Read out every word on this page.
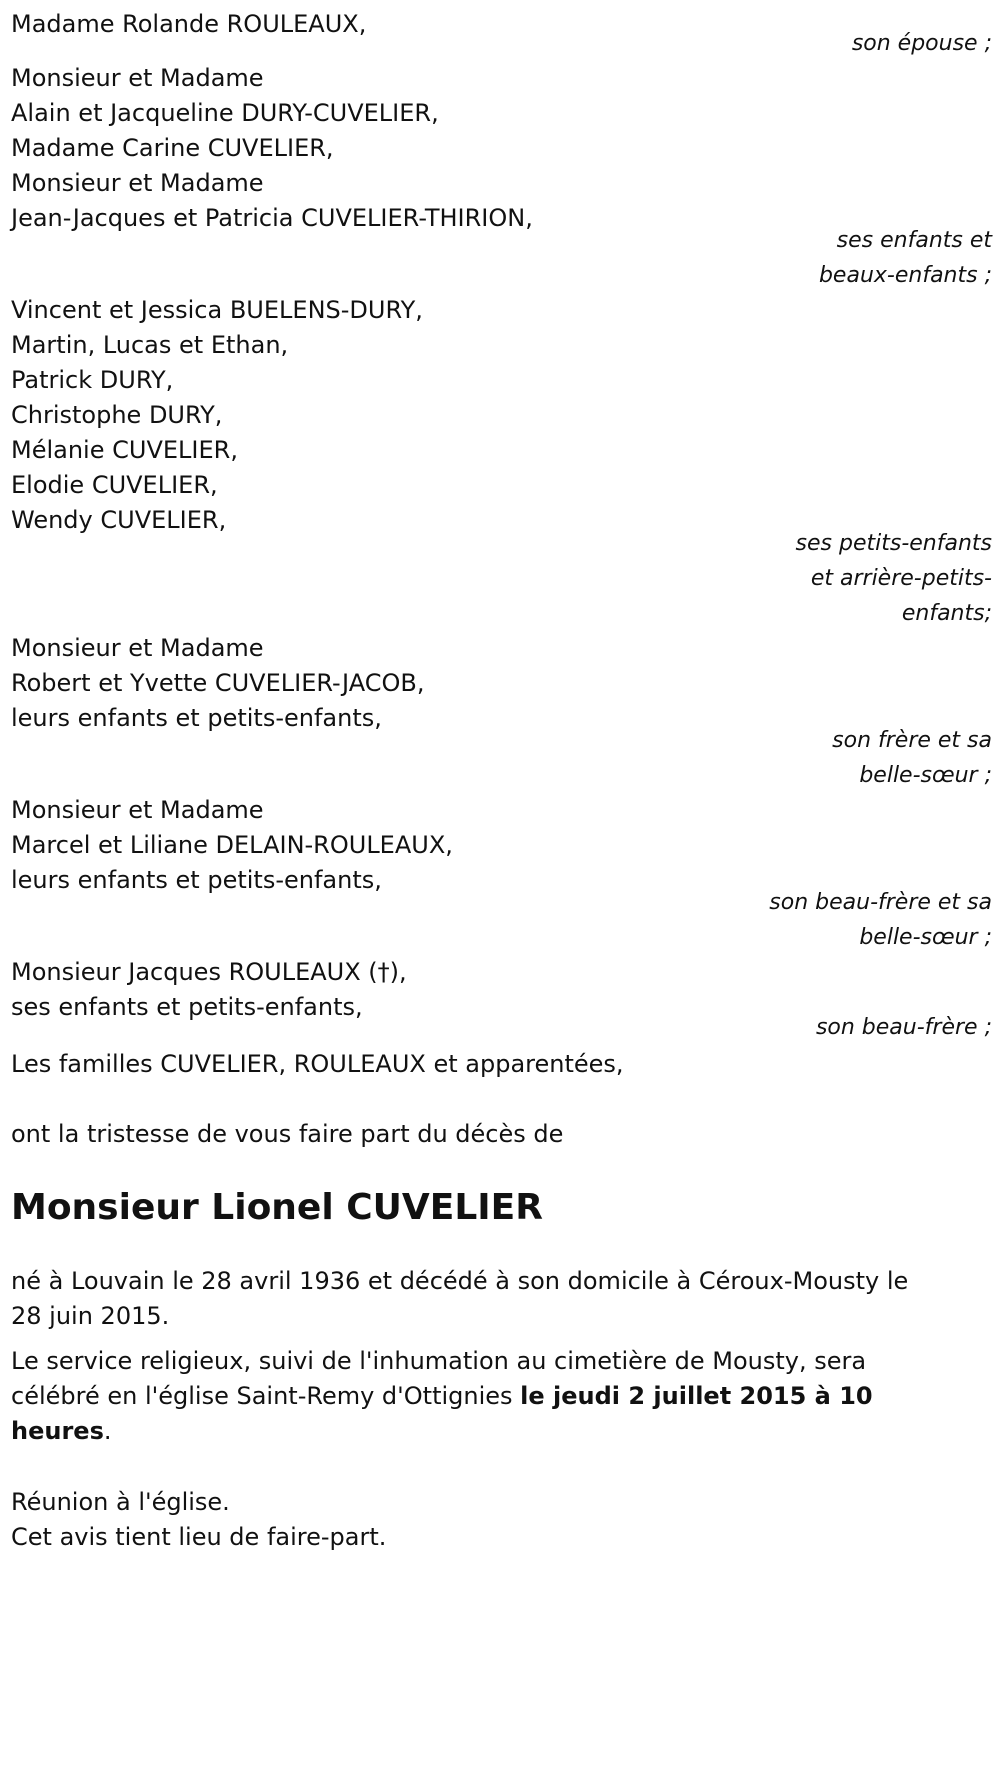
Madame Rolande ROULEAUX,
son épouse ;
Monsieur et Madame
Alain et Jacqueline DURY-CUVELIER,
Madame Carine CUVELIER,
Monsieur et Madame
Jean-Jacques et Patricia CUVELIER-THIRION,
ses enfants et
beaux-enfants ;
Vincent et Jessica BUELENS-DURY,
Martin, Lucas et Ethan,
Patrick DURY,
Christophe DURY,
Mélanie CUVELIER,
Elodie CUVELIER,
Wendy CUVELIER,
ses petits-enfants
et arrière-petits-
enfants;
Monsieur et Madame
Robert et Yvette CUVELIER-JACOB,
leurs enfants et petits-enfants,
son frère et sa
belle-sœur ;
Monsieur et Madame
Marcel et Liliane DELAIN-ROULEAUX,
leurs enfants et petits-enfants,
son beau-frère et sa
belle-sœur ;
Monsieur Jacques ROULEAUX (†),
ses enfants et petits-enfants,
son beau-frère ;
Les familles CUVELIER, ROULEAUX et apparentées,
ont la tristesse de vous faire part du décès de
Monsieur Lionel CUVELIER
né à Louvain le 28 avril 1936 et décédé à son domicile à Céroux-Mousty le
28 juin 2015.
Le service religieux, suivi de l'inhumation au cimetière de Mousty, sera
célébré en l'église Saint-Remy d'Ottignies le jeudi 2 juillet 2015 à 10
heures.
Réunion à l'église.
Cet avis tient lieu de faire-part.
